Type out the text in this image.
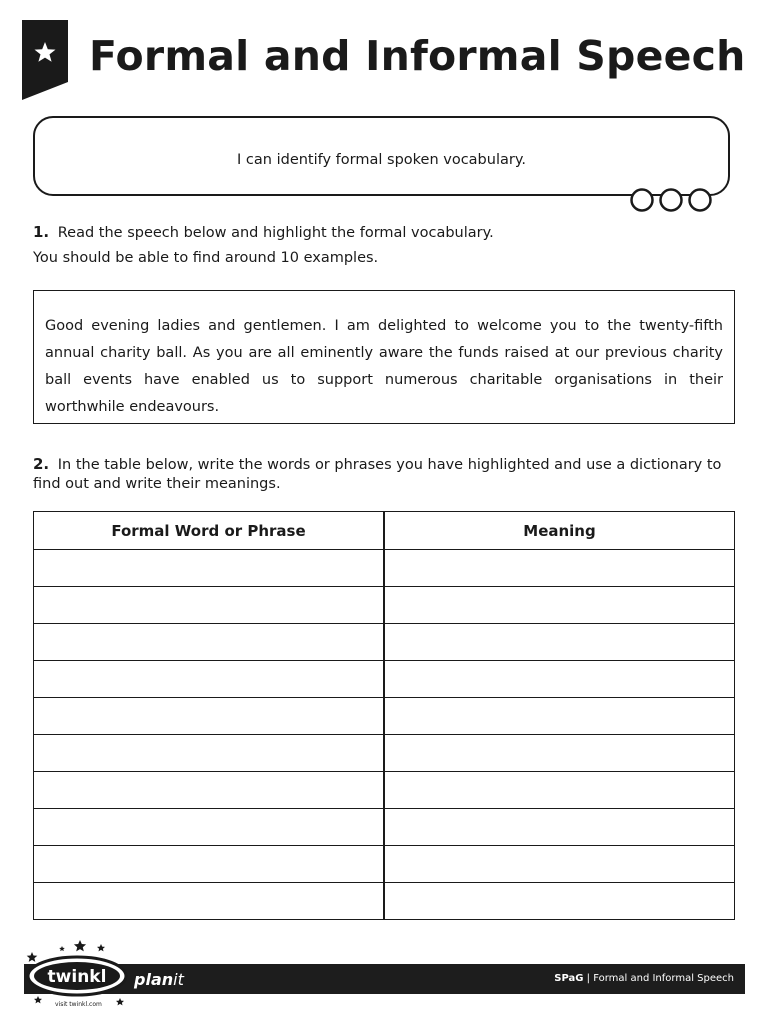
Formal and Informal Speech
I can identify formal spoken vocabulary.
1. Read the speech below and highlight the formal vocabulary.
You should be able to find around 10 examples.
Good evening ladies and gentlemen. I am delighted to welcome you to the twenty-fifth annual charity ball. As you are all eminently aware the funds raised at our previous charity ball events have enabled us to support numerous charitable organisations in their worthwhile endeavours.
2. In the table below, write the words or phrases you have highlighted and use a dictionary to find out and write their meanings.
Formal Word or Phrase	Meaning

planit	SPaG | Formal and Informal Speech
twinkl
visit twinkl.com
